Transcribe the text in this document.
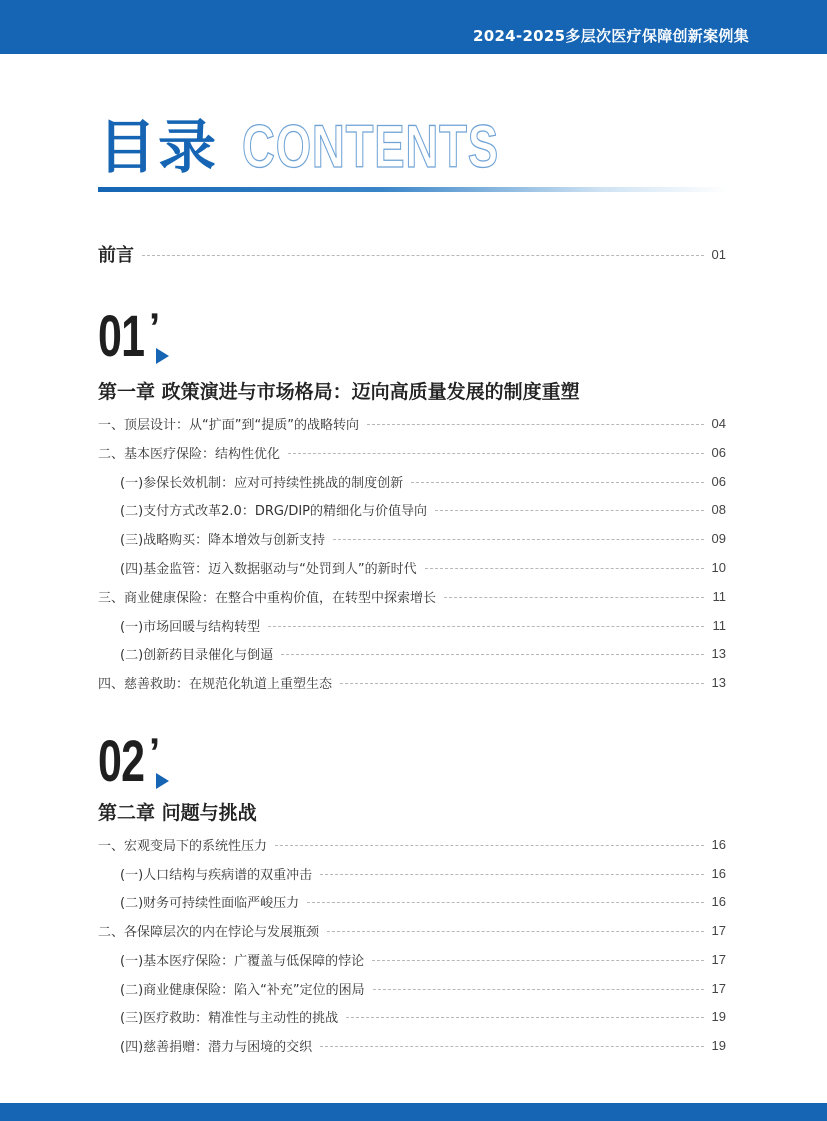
2024-2025多层次医疗保障创新案例集
目录 CONTENTS
前言	01
01 ’
第一章 政策演进与市场格局：迈向高质量发展的制度重塑
一、顶层设计：从“扩面”到“提质”的战略转向	04
二、基本医疗保险：结构性优化	06
(一)参保长效机制：应对可持续性挑战的制度创新	06
(二)支付方式改革2.0：DRG/DIP的精细化与价值导向	08
(三)战略购买：降本增效与创新支持	09
(四)基金监管：迈入数据驱动与“处罚到人”的新时代	10
三、商业健康保险：在整合中重构价值，在转型中探索增长	11
(一)市场回暖与结构转型	11
(二)创新药目录催化与倒逼	13
四、慈善救助：在规范化轨道上重塑生态	13
02 ’
第二章 问题与挑战
一、宏观变局下的系统性压力	16
(一)人口结构与疾病谱的双重冲击	16
(二)财务可持续性面临严峻压力	16
二、各保障层次的内在悖论与发展瓶颈	17
(一)基本医疗保险：广覆盖与低保障的悖论	17
(二)商业健康保险：陷入“补充”定位的困局	17
(三)医疗救助：精准性与主动性的挑战	19
(四)慈善捐赠：潜力与困境的交织	19
